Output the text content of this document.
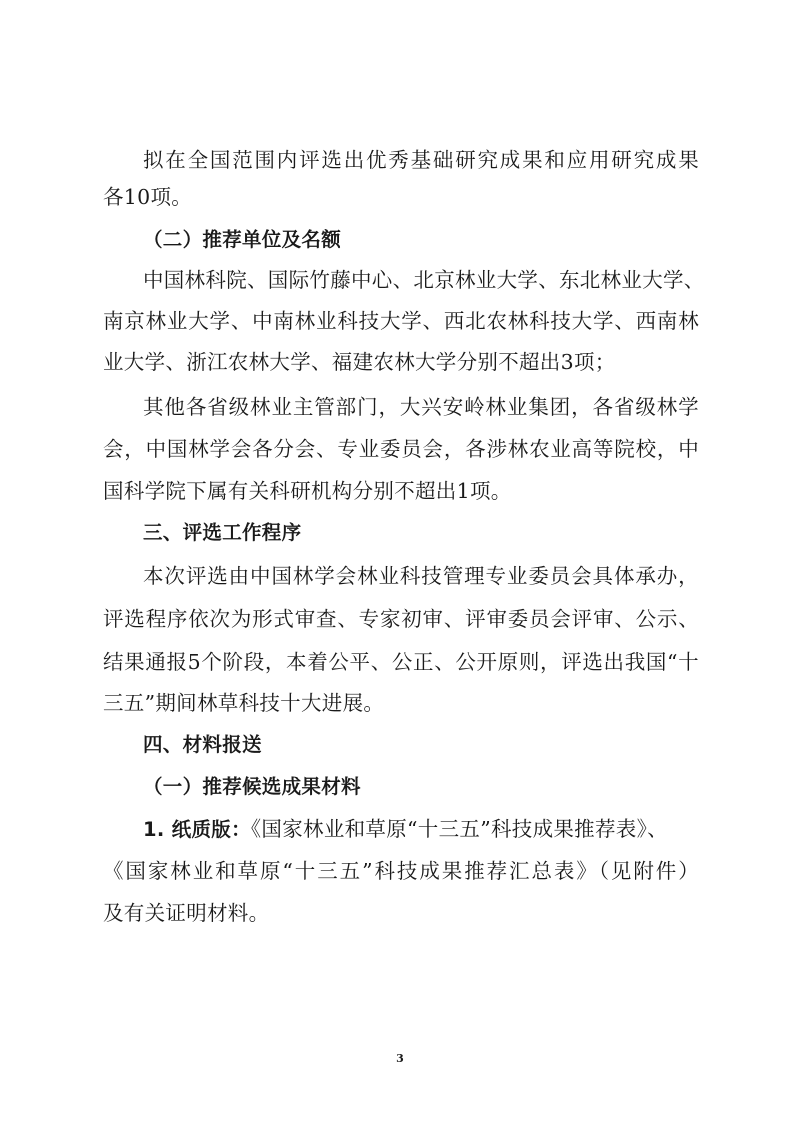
拟在全国范围内评选出优秀基础研究成果和应用研究成果
各10项。
（二）推荐单位及名额
中国林科院、国际竹藤中心、北京林业大学、东北林业大学、
南京林业大学、中南林业科技大学、西北农林科技大学、西南林
业大学、浙江农林大学、福建农林大学分别不超出3项；
其他各省级林业主管部门，大兴安岭林业集团，各省级林学
会，中国林学会各分会、专业委员会，各涉林农业高等院校，中
国科学院下属有关科研机构分别不超出1项。
三、评选工作程序
本次评选由中国林学会林业科技管理专业委员会具体承办，
评选程序依次为形式审查、专家初审、评审委员会评审、公示、
结果通报5个阶段，本着公平、公正、公开原则，评选出我国“十
三五”期间林草科技十大进展。
四、材料报送
（一）推荐候选成果材料
1. 纸质版：《国家林业和草原“十三五”科技成果推荐表》、
《国家林业和草原“十三五”科技成果推荐汇总表》（见附件）
及有关证明材料。
3
